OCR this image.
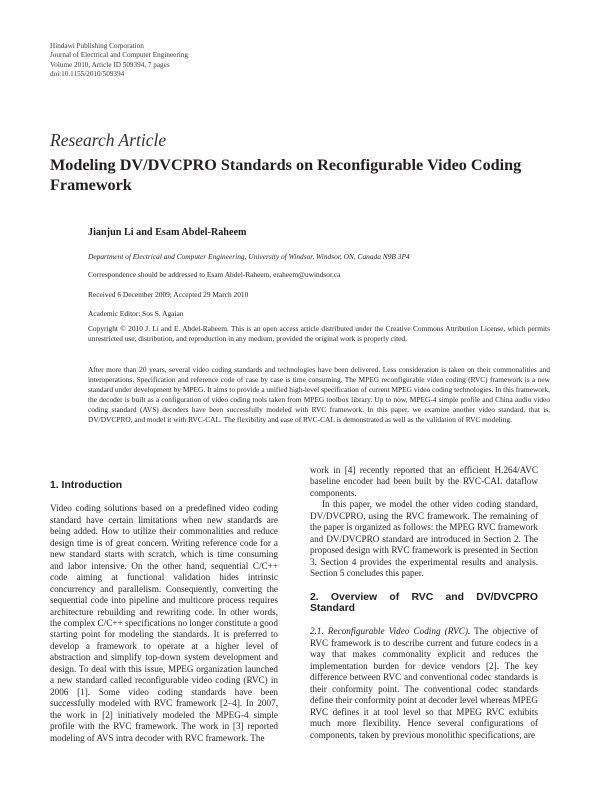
Hindawi Publishing Corporation
Journal of Electrical and Computer Engineering
Volume 2010, Article ID 509394, 7 pages
doi:10.1155/2010/509394
Research Article
Modeling DV/DVCPRO Standards on Reconfigurable Video Coding Framework
Jianjun Li and Esam Abdel-Raheem
Department of Electrical and Computer Engineering, University of Windsor, Windsor, ON, Canada N9B 3P4
Correspondence should be addressed to Esam Abdel-Raheem, eraheem@uwindsor.ca
Received 6 December 2009; Accepted 29 March 2010
Academic Editor: Sos S. Agaian
Copyright © 2010 J. Li and E. Abdel-Raheem. This is an open access article distributed under the Creative Commons Attribution License, which permits unrestricted use, distribution, and reproduction in any medium, provided the original work is properly cited.
After more than 20 years, several video coding standards and technologies have been delivered. Less consideration is taken on their commonalities and interoperations. Specification and reference code of case by case is time consuming. The MPEG reconfigurable video coding (RVC) framework is a new standard under development by MPEG. It aims to provide a unified high-level specification of current MPEG video coding technologies. In this framework, the decoder is built as a configuration of video coding tools taken from MPEG toolbox library. Up to now, MPEG-4 simple profile and China audio video coding standard (AVS) decoders have been successfully modeled with RVC framework. In this paper, we examine another video standard, that is, DV/DVCPRO, and model it with RVC-CAL. The flexibility and ease of RVC-CAL is demonstrated as well as the validation of RVC modeling.
1. Introduction

Video coding solutions based on a predefined video coding standard have certain limitations when new standards are being added. How to utilize their commonalities and reduce design time is of great concern. Writing reference code for a new standard starts with scratch, which is time consuming and labor intensive. On the other hand, sequential C/C++ code aiming at functional validation hides intrinsic concurrency and parallelism. Consequently, converting the sequential code into pipeline and multicore process requires architecture rebuilding and rewriting code. In other words, the complex C/C++ specifications no longer constitute a good starting point for modeling the standards. It is preferred to develop a framework to operate at a higher level of abstraction and simplify top-down system development and design. To deal with this issue, MPEG organization launched a new standard called reconfigurable video coding (RVC) in 2006 [1]. Some video coding standards have been successfully modeled with RVC framework [2–4]. In 2007, the work in [2] initiatively modeled the MPEG-4 simple profile with the RVC framework. The work in [3] reported modeling of AVS intra decoder with RVC framework. The

work in [4] recently reported that an efficient H.264/AVC baseline encoder had been built by the RVC-CAL dataflow components.

In this paper, we model the other video coding standard, DV/DVCPRO, using the RVC framework. The remaining of the paper is organized as follows: the MPEG RVC framework and DV/DVCPRO standard are introduced in Section 2. The proposed design with RVC framework is presented in Section 3. Section 4 provides the experimental results and analysis. Section 5 concludes this paper.

2. Overview of RVC and DV/DVCPRO Standard

2.1. Reconfigurable Video Coding (RVC). The objective of RVC framework is to describe current and future codecs in a way that makes commonality explicit and reduces the implementation burden for device vendors [2]. The key difference between RVC and conventional codec standards is their conformity point. The conventional codec standards define their conformity point at decoder level whereas MPEG RVC defines it at tool level so that MPEG RVC exhibits much more flexibility. Hence several configurations of components, taken by previous monolithic specifications, are
